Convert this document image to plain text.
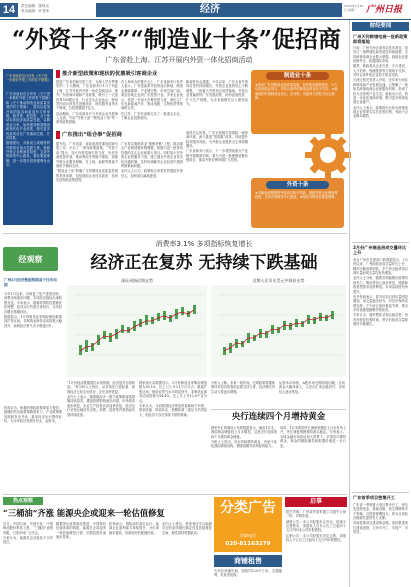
14 责任编辑：陈映光
美术编辑：叶旻荣	经济	2023年1月30日 星期一	广州日报
“外资十条”“制造业十条”促招商
广东省赴上海、江苏开展内外资一体化招商活动
广东省政府近日印发《关于进一步做好外资工作的若干措施》

广东省政府近日印发《关于进一步做好外资工作的若干措施》和《关于推动制造业高质量发展的若干措施》，提出以更加开放的姿态和更加有力的举措，稳外资、促投资，全力推动实体经济高质量发展，以制造业当家，加快建设制造强省和现代化产业体系，吸引更多优质项目在广东落地生根、开花结果。

措施提出，对新设立或增资的外资项目加大奖励力度，鼓励外资企业利润再投资，支持外资研发中心建设，强化要素保障，进一步提升投资便利化水平。

推介新型政策和现状的优惠吸引客商企业

推进广东省招商引资工作，为深入学习贯彻党的二十大精神，广东省商务厅1月下旬赴上海、江苏开展内外资一体化招商活动，推介广东营商环境和产业政策，吸引了一大批世界500强企业、行业龙头企业参会，现场签约项目涉及先进制造业、现代服务业等多个领域，总投资额超千亿元。

活动期间，广东省商务厅与多家企业开展深入交流，介绍“外资十条”“制造业十条”等一系列政策措施。

在上海举办的推介会上，广东省商务厅负责人表示，广东是改革开放的前沿阵地，制造业基础雄厚、产业链完整、市场空间广阔，欢迎各地企业到广东投资兴业。多家企业表示，将进一步加大在粤投资力度，深化与广东在新能源汽车、集成电路、生物医药等领域的合作。

在江苏，广东代表团走访了一批重点企业，了解企业投资意向。

新闻发布会透露，今年以来，广东全省外资项目签约持续增长，外资企业投资信心不断增强，一批重大外资项目加快落地。外资企业普遍看好广东发展前景，纷纷追加投资、扩大生产规模，为全省稳增长注入强劲动力。

制造业十条
★推动广东省制造业高质量发展，加快建设制造强省，大力引进制造业项目，对符合条件的制造业项目给予支持。★新落地的外资制造业项目，在用地、用能等方面给予优先保障。
广东推出“组合拳”促招商

据介绍，广东省委、省政府高度重视招商引资工作，出台了一系列政策措施。“外资十条”提出，加大外资招商引资力度，优化外商投资环境，推动利用外资稳中提质，加强外资企业服务保障，在土地、能耗等要素方面给予倾斜支持。

“制造业十条”明确了支持制造业高质量发展的具体举措，包括鼓励企业技术改造、培育先进制造业集群等。

广东将实施制造业“强链补链”工程，推动重点产业链延链补链强链，积极引进一批带动性强的龙头企业和重大项目。同时加大对外资企业的服务力度，建立健全外资企业常态化沟通机制，及时协调解决企业经营中遇到的困难和问题。

业内人士认为，政策组合拳将有效提振外资信心，加快项目落地进度。

值得关注的是，广东正积极打造国际一流营商环境，深入推进“放管服”改革，持续提升政务服务效能，为外资企业提供全生命周期服务。

广东省商务厅表示，下一步将围绕重点产业链开展精准招商，着力引进一批强链延链补链项目，推动外资在粤持续扩大投资。

外资十条
★对新设或增资的外资项目给予奖励，鼓励外资企业利润再投资，支持外资研发中心建设。★强化外资项目要素保障。
经观察
消费率3.1% 多项指标恢复增长
经济正在复苏 无持续下跌基础
广州2月经济数据预期高于往年同期

今年1月以来，各地复工复产进度加快，消费市场逐步回暖，多项经济指标出现积极变化。专家表示，随着疫情防控措施优化调整，经济运行有望总体回升，全年经济增长预期向好。

数据显示，1月份制造业采购经理指数重回扩张区间，非制造业商务活动指数大幅回升，表明经济景气水平明显回升。

机构认为，积极的财政政策要加力提效，稳健的货币政策要精准有力，产业政策要发展和安全并举，推动经济运行整体好转，为全年经济发展开好头、起好步。

深证成指近期走势	近期人民币兑美元中间价走势

“1月份经济数据超出市场预期，经济复苏态势明显。”有分析人士指出，从各项先行指标看，我国经济已经走出低谷，正在加快恢复。

业内人士表示，随着稳经济一揽子政策和接续措施持续显效，叠加疫情影响逐步消退，市场需求逐步恢复，企业生产经营活动加快恢复，经济运行呈现企稳回升态势。消费、投资等内需指标有望持续改善。

国家统计局数据显示，1月份制造业采购经理指数为50.1%，比上月上升3.1个百分点，重返扩张区间，制造业景气水平明显回升。非制造业商务活动指数为54.4%，比上月上升12.8个百分点。

专家认为，当前我国经济恢复的基础尚不牢固，需求收缩、供给冲击、预期转弱三重压力仍然较大，但经济不存在持续下跌的基础。

分析人士称，未来一段时间，宏观政策将继续保持对经济恢复的必要支持力度，经济增长内生动力将逐步增强。

从资本市场看，A股市场近期持续回暖，北向资金大幅净流入，人民币汇率企稳回升，市场信心逐步恢复。

央行连续四个月增持黄金

国家外汇管理局公布的数据显示，截至1月末，我国黄金储备较上月末增加，这是央行连续第四个月增持黄金储备。

分析人士指出，央行持续增持黄金，有助于优化国际储备结构，增强抵御外部风险的能力。

同时，1月末我国外汇储备规模较上月末有所上升，外汇储备规模保持基本稳定。专家表示，全球金融市场波动加大背景下，多国央行增持黄金，黄金的避险属性和配置价值进一步凸显。

热点观察
“三桶油”齐涨 能源央企或迎来一轮估值修复

近日，中国石油、中国石化、中国海油股价集体上涨，“三桶油”表现亮眼，引发市场广泛关注。

分析认为，能源央企估值处于历史低位。

随着国企改革深化推进，中国特色估值体系的构建，能源央企或迎来一轮估值修复行情，长期投资价值逐步显现。

机构表示，国际油价高位运行，能源企业盈利能力持续提升，分红率稳步提高，具备较好的配置价值。

业内人士建议，投资者应关注能源央企的业绩增长确定性及估值修复空间，理性看待短期波动。

分类广告
咨询电话
020-81163279
商铺租售

天河区商铺出租，面积约120平方米，交通便利，有意者电询。

启事

遗失声明：广州某贸易有限公司遗失公章一枚，声明作废。

减资公告：本公司经股东会决议，拟减少注册资本，请债权人自本公告之日起四十五日内向本公司申报债权。

注销公告：本公司经股东决定注销，请债权人于公告之日起四十五日内申报债权。

财经要闻
广州天河跨境电商一批新政策即将落地

日前，广州天河区商务局发布消息，将出台一批跨境电商发展扶持新政策，支持跨境电商企业做大做强，鼓励企业建设海外仓，拓展国际市场。

据悉，新政将从企业引进、平台建设、人才培养、物流配套等方面给予支持，对符合条件的企业给予资金奖励。

天河区相关负责人介绍，近年来天河区跨境电商产业发展迅速，已集聚了一批知名跨境电商企业和服务机构，形成了较为完善的产业生态。新政出台后，将进一步优化营商环境，吸引更多跨境电商企业落户。

业内人士表示，政策的出台将为跨境电商企业带来实实在在的红利，有助于企业降本增效。

2月份广州商品房成交量环比上升

来自广州市住建部门的数据显示，2月份以来，广州商品房成交量环比上升，楼市回暖迹象明显，多个热点板块项目到访量和成交量均有所增加。

业内人士分析，随着各项稳楼市政策持续发力，购房者信心逐步恢复，刚需和改善型需求加快释放，市场活跃度有所提升。

有开发商表示，春节后项目到访量明显增加，成交量稳步回升，对后市保持乐观态度。不少房企加快推盘节奏，推出多项优惠措施吸引购房者。

专家认为，楼市整体呈现企稳态势，但市场恢复仍需时间，预计后续成交量将保持平稳增长。

广东首季项目密集开工

广东省一季度重大项目集中开工，涉及先进制造业、基础设施、民生保障等多个领域，总投资规模较大，将为全省经济稳增长提供有力支撑。

各地抢抓项目建设黄金期，加快推进项目建设进度，力争早开工、早投产、早见效。
